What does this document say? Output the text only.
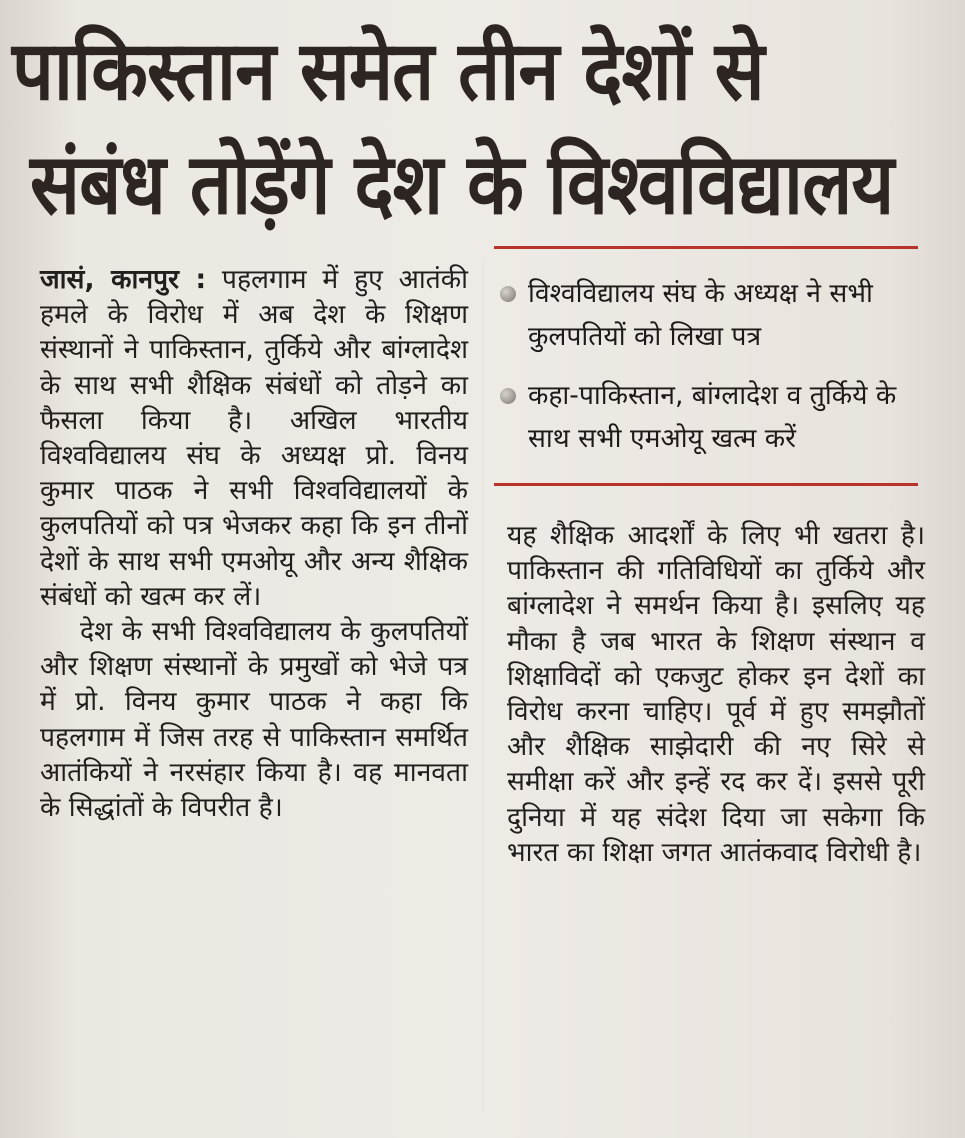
पाकिस्तान समेत तीन देशों से
संबंध तोड़ेंगे देश के विश्वविद्यालय

जासं, कानपुर : पहलगाम में हुए आतंकी हमले के विरोध में अब देश के शिक्षण संस्थानों ने पाकिस्तान, तुर्किये और बांग्लादेश के साथ सभी शैक्षिक संबंधों को तोड़ने का फैसला किया है। अखिल भारतीय विश्वविद्यालय संघ के अध्यक्ष प्रो. विनय कुमार पाठक ने सभी विश्वविद्यालयों के कुलपतियों को पत्र भेजकर कहा कि इन तीनों देशों के साथ सभी एमओयू और अन्य शैक्षिक संबंधों को खत्म कर लें।

देश के सभी विश्वविद्यालय के कुलपतियों और शिक्षण संस्थानों के प्रमुखों को भेजे पत्र में प्रो. विनय कुमार पाठक ने कहा कि पहलगाम में जिस तरह से पाकिस्तान समर्थित आतंकियों ने नरसंहार किया है। वह मानवता के सिद्धांतों के विपरीत है।

विश्वविद्यालय संघ के अध्यक्ष ने सभी कुलपतियों को लिखा पत्र
कहा-पाकिस्तान, बांग्लादेश व तुर्किये के साथ सभी एमओयू खत्म करें

यह शैक्षिक आदर्शों के लिए भी खतरा है। पाकिस्तान की गतिविधियों का तुर्किये और बांग्लादेश ने समर्थन किया है। इसलिए यह मौका है जब भारत के शिक्षण संस्थान व शिक्षाविदों को एकजुट होकर इन देशों का विरोध करना चाहिए। पूर्व में हुए समझौतों और शैक्षिक साझेदारी की नए सिरे से समीक्षा करें और इन्हें रद कर दें। इससे पूरी दुनिया में यह संदेश दिया जा सकेगा कि भारत का शिक्षा जगत आतंकवाद विरोधी है।
